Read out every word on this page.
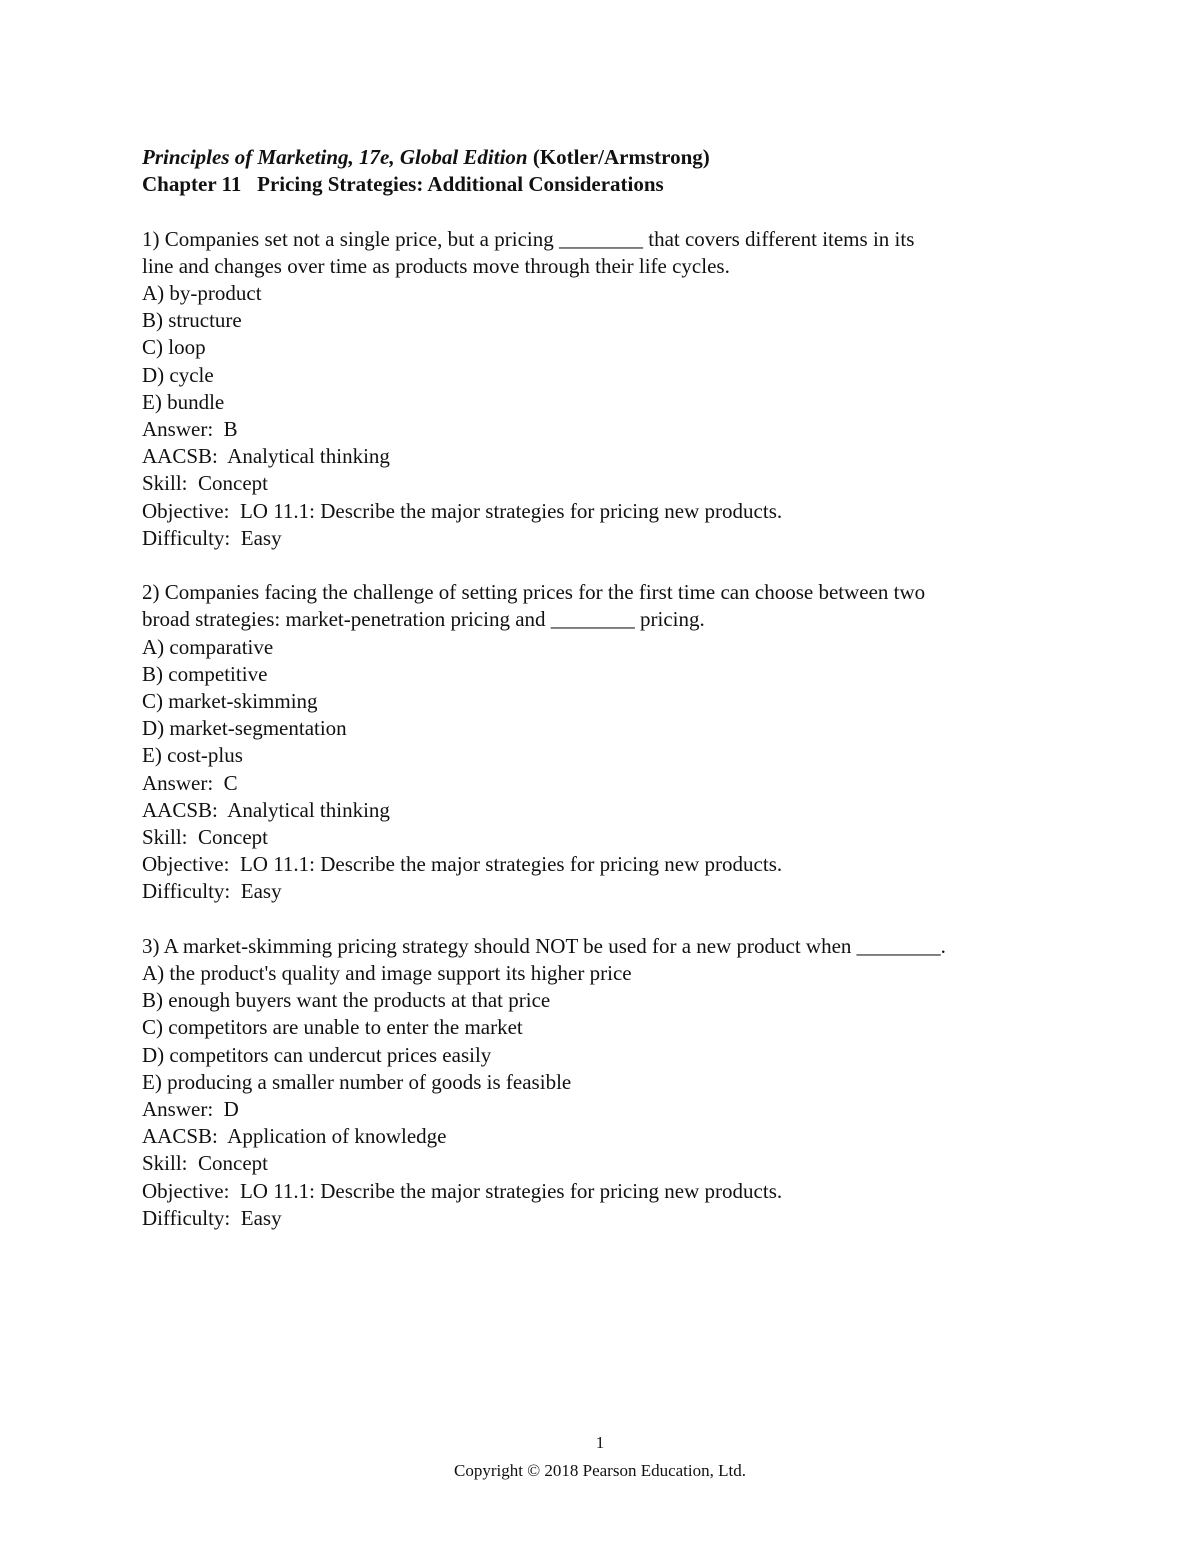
Principles of Marketing, 17e, Global Edition (Kotler/Armstrong)
Chapter 11   Pricing Strategies: Additional Considerations
1) Companies set not a single price, but a pricing ________ that covers different items in its
line and changes over time as products move through their life cycles.
A) by-product
B) structure
C) loop
D) cycle
E) bundle
Answer:  B
AACSB:  Analytical thinking
Skill:  Concept
Objective:  LO 11.1: Describe the major strategies for pricing new products.
Difficulty:  Easy
2) Companies facing the challenge of setting prices for the first time can choose between two
broad strategies: market-penetration pricing and ________ pricing.
A) comparative
B) competitive
C) market-skimming
D) market-segmentation
E) cost-plus
Answer:  C
AACSB:  Analytical thinking
Skill:  Concept
Objective:  LO 11.1: Describe the major strategies for pricing new products.
Difficulty:  Easy
3) A market-skimming pricing strategy should NOT be used for a new product when ________.
A) the product's quality and image support its higher price
B) enough buyers want the products at that price
C) competitors are unable to enter the market
D) competitors can undercut prices easily
E) producing a smaller number of goods is feasible
Answer:  D
AACSB:  Application of knowledge
Skill:  Concept
Objective:  LO 11.1: Describe the major strategies for pricing new products.
Difficulty:  Easy
1
Copyright © 2018 Pearson Education, Ltd.
